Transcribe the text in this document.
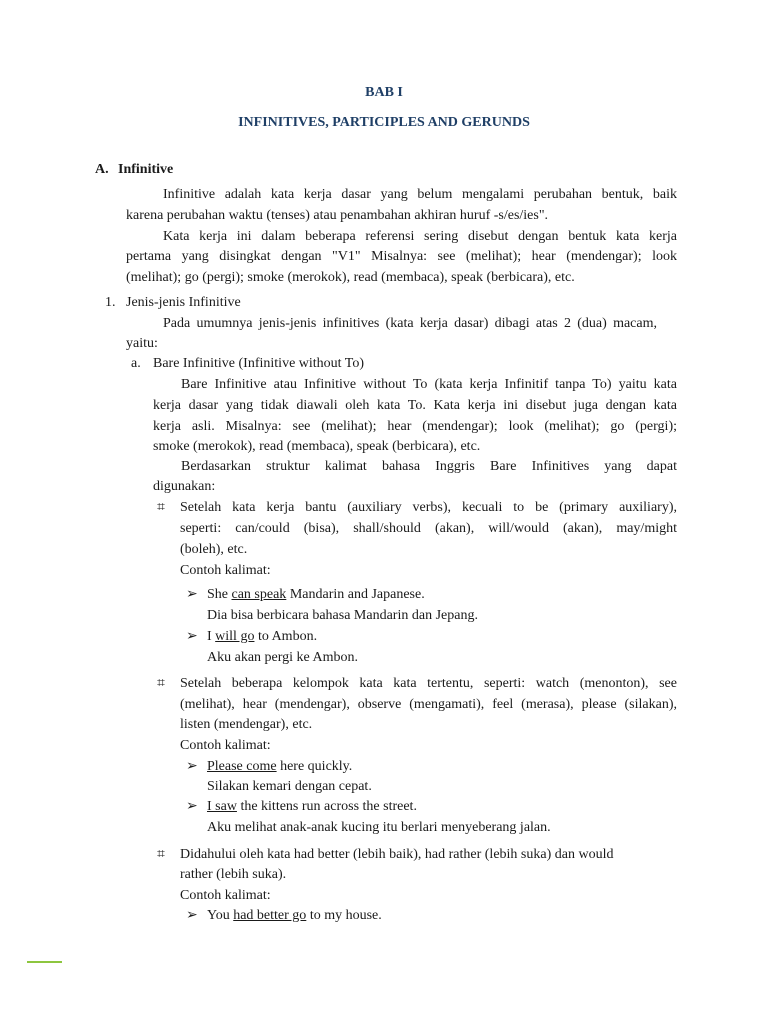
BAB I
INFINITIVES, PARTICIPLES AND GERUNDS
A. Infinitive
Infinitive adalah kata kerja dasar yang belum mengalami perubahan bentuk, baik
karena perubahan waktu (tenses) atau penambahan akhiran huruf -s/es/ies".
Kata kerja ini dalam beberapa referensi sering disebut dengan bentuk kata kerja
pertama yang disingkat dengan "V1" Misalnya: see (melihat); hear (mendengar); look
(melihat); go (pergi); smoke (merokok), read (membaca), speak (berbicara), etc.
1. Jenis-jenis Infinitive
Pada umumnya jenis-jenis infinitives (kata kerja dasar) dibagi atas 2 (dua) macam,
yaitu:
a. Bare Infinitive (Infinitive without To)
Bare Infinitive atau Infinitive without To (kata kerja Infinitif tanpa To) yaitu kata
kerja dasar yang tidak diawali oleh kata To. Kata kerja ini disebut juga dengan kata
kerja asli. Misalnya: see (melihat); hear (mendengar); look (melihat); go (pergi);
smoke (merokok), read (membaca), speak (berbicara), etc.
Berdasarkan struktur kalimat bahasa Inggris Bare Infinitives yang dapat
digunakan:
⌗ Setelah kata kerja bantu (auxiliary verbs), kecuali to be (primary auxiliary),
seperti: can/could (bisa), shall/should (akan), will/would (akan), may/might
(boleh), etc.
Contoh kalimat:
➢ She can speak Mandarin and Japanese.
Dia bisa berbicara bahasa Mandarin dan Jepang.
➢ I will go to Ambon.
Aku akan pergi ke Ambon.
⌗ Setelah beberapa kelompok kata kata tertentu, seperti: watch (menonton), see
(melihat), hear (mendengar), observe (mengamati), feel (merasa), please (silakan),
listen (mendengar), etc.
Contoh kalimat:
➢ Please come here quickly.
Silakan kemari dengan cepat.
➢ I saw the kittens run across the street.
Aku melihat anak-anak kucing itu berlari menyeberang jalan.
⌗ Didahului oleh kata had better (lebih baik), had rather (lebih suka) dan would
rather (lebih suka).
Contoh kalimat:
➢ You had better go to my house.
